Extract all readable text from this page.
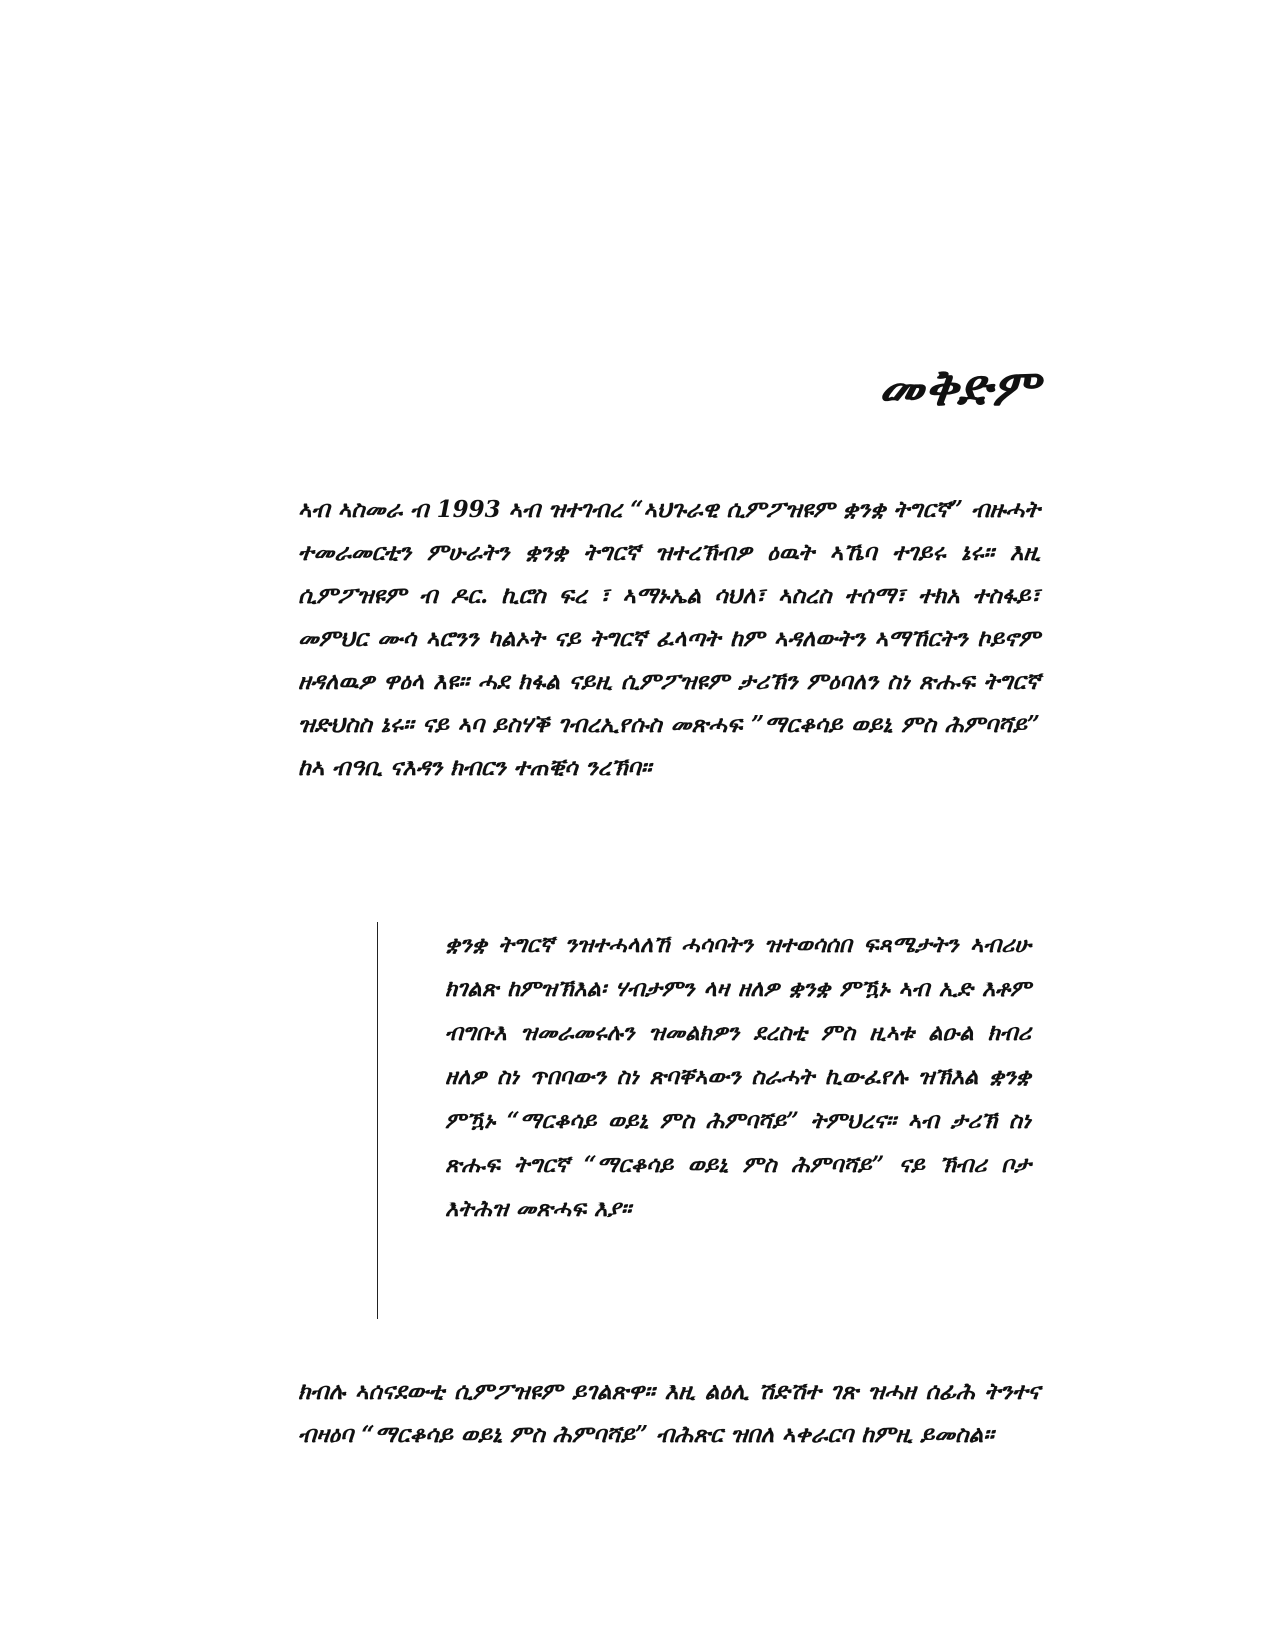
መቅድም

ኣብ ኣስመራ ብ 1993 ኣብ ዝተገብረ “ኣህጉራዊ ሲምፖዝዩም ቋንቋ ትግርኛ” ብዙሓት ተመራመርቲን ምሁራትን ቋንቋ ትግርኛ ዝተረኽብዎ ዕዉት ኣኼባ ተገይሩ ኔሩ። እዚ ሲምፖዝዩም ብ ዶር. ኪሮስ ፍረ ፣ ኣማኑኤል ሳህለ፣ ኣስረስ ተሰማ፣ ተክአ ተስፋይ፣ መምህር ሙሳ ኣሮንን ካልኦት ናይ ትግርኛ ፈላጣት ከም ኣዳለውትን ኣማኸርትን ኮይኖም ዘዳለዉዎ ዋዕላ እዩ። ሓደ ክፋል ናይዚ ሲምፖዝዩም ታሪኽን ምዕባለን ስነ ጽሑፍ ትግርኛ ዝድህስስ ኔሩ። ናይ ኣባ ይስሃቕ ገብረኢየሱስ መጽሓፍ ”ማርቆሳይ ወይኒ ምስ ሕምባሻይ” ከኣ ብዓቢ ናእዳን ክብርን ተጠቒሳ ንረኽባ።

ቋንቋ ትግርኛ ንዝተሓላለኸ ሓሳባትን ዝተወሳሰበ ፍጻሜታትን ኣብሪሁ ክገልጽ ከምዝኽእል፡ ሃብታምን ላዛ ዘለዎ ቋንቋ ምዃኑ ኣብ ኢድ እቶም ብግቡእ ዝመራመሩሉን ዝመልክዎን ደረስቲ ምስ ዚኣቱ ልዑል ክብሪ ዘለዎ ስነ ጥበባውን ስነ ጽባቐኣውን ስራሓት ኪውፈየሉ ዝኽእል ቋንቋ ምዃኑ “ማርቆሳይ ወይኒ ምስ ሕምባሻይ” ትምህረና። ኣብ ታሪኽ ስነ ጽሑፍ ትግርኛ “ማርቆሳይ ወይኒ ምስ ሕምባሻይ” ናይ ኽብሪ ቦታ እትሕዝ መጽሓፍ እያ።

ክብሉ ኣሰናደውቲ ሲምፖዝዩም ይገልጽዋ። እዚ ልዕሊ ሽድሽተ ገጽ ዝሓዘ ሰፊሕ ትንተና ብዛዕባ “ማርቆሳይ ወይኒ ምስ ሕምባሻይ” ብሕጽር ዝበለ ኣቀራርባ ከምዚ ይመስል።
